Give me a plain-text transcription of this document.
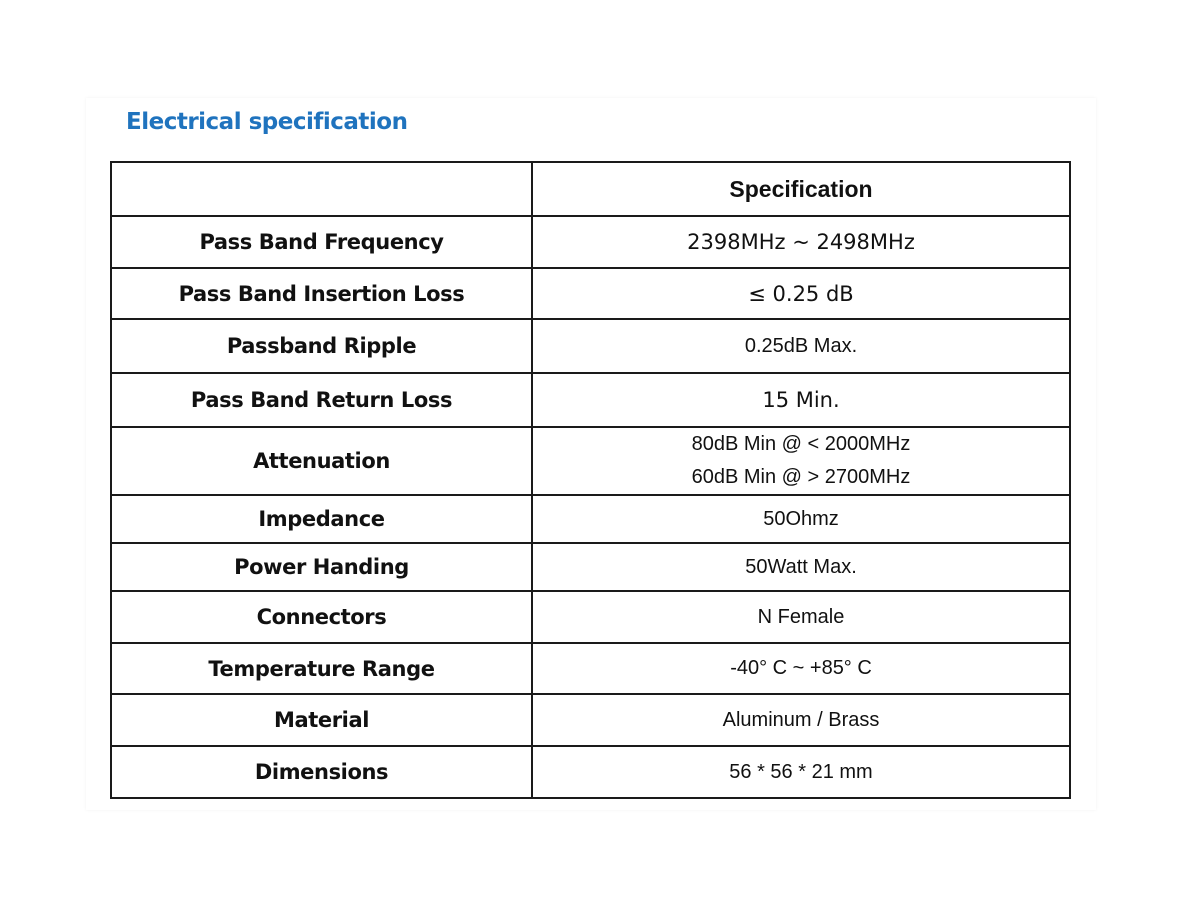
Electrical specification
	Specification
Pass Band Frequency	2398MHz ~ 2498MHz
Pass Band Insertion Loss	≤ 0.25 dB
Passband Ripple	0.25dB Max.
Pass Band Return Loss	15 Min.
Attenuation	80dB Min @ < 2000MHz
60dB Min @ > 2700MHz

Impedance	50Ohmz
Power Handing	50Watt Max.
Connectors	N Female
Temperature Range	-40° C ~ +85° C
Material	Aluminum / Brass
Dimensions	56 * 56 * 21 mm
